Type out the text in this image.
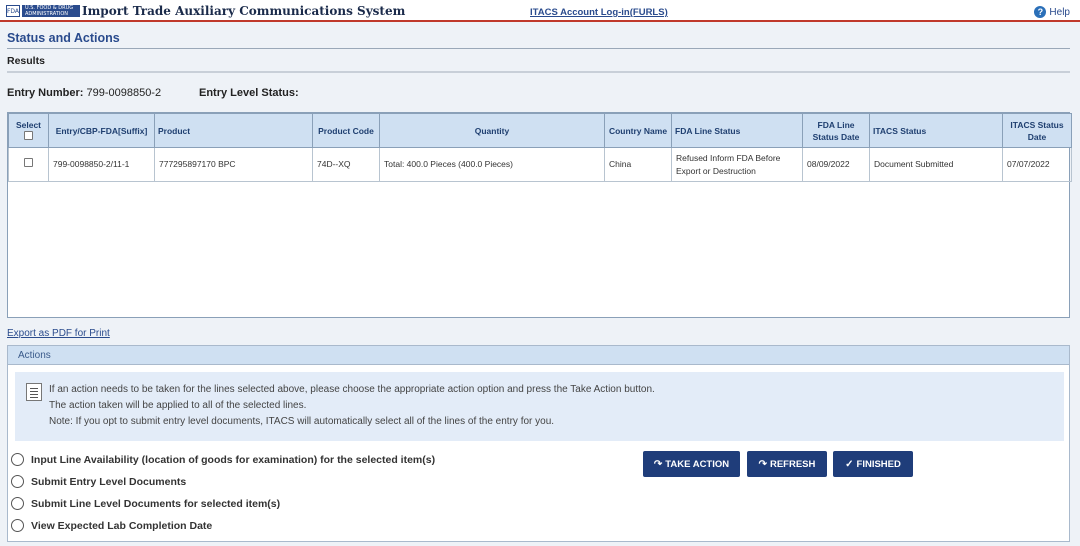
FDA	U.S. FOOD & DRUG
ADMINISTRATION	Import Trade Auxiliary Communications System	ITACS Account Log-in(FURLS)	? Help
Status and Actions
Results
Entry Number: 799-0098850-2	Entry Level Status:
Select	Entry/CBP-FDA[Suffix]	Product	Product Code	Quantity	Country Name	FDA Line Status	FDA Line Status Date	ITACS Status	ITACS Status Date
	799-0098850-2/11-1	777295897170 BPC	74D--XQ	Total: 400.0 Pieces (400.0 Pieces)	China	Refused Inform FDA Before Export or Destruction	08/09/2022	Document Submitted	07/07/2022
Export as PDF for Print
Actions

If an action needs to be taken for the lines selected above, please choose the appropriate action option and press the Take Action button.

The action taken will be applied to all of the selected lines.

Note: If you opt to submit entry level documents, ITACS will automatically select all of the lines of the entry for you.

Input Line Availability (location of goods for examination) for the selected item(s)
Submit Entry Level Documents
Submit Line Level Documents for selected item(s)
View Expected Lab Completion Date
↷ TAKE ACTION	↷ REFRESH	✓ FINISHED
